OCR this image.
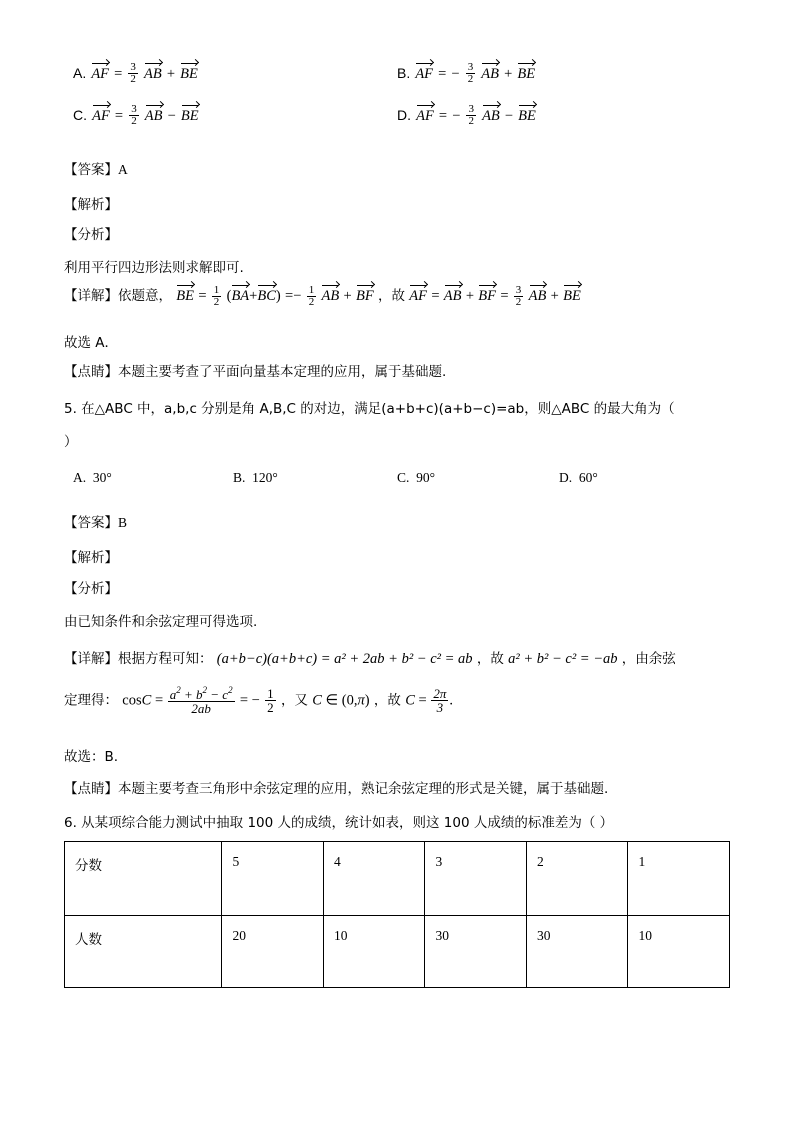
A. AF = $\frac{3}{2}$ AB + BE	B. AF = − $\frac{3}{2}$ AB + BE
C. AF = $\frac{3}{2}$ AB − BE	D. AF = − $\frac{3}{2}$ AB − BE
【答案】A
【解析】
【分析】
利用平行四边形法则求解即可.
【详解】依题意， BE = $\frac{1}{2} (BA+BC) =- \frac{1}{2}$ AB + BF ，故 AF = AB + BF = $\frac{3}{2}$ AB + BE
故选 A．
【点睛】本题主要考查了平面向量基本定理的应用，属于基础题.
5. 在△ABC 中，a,b,c 分别是角 A,B,C 的对边，满足(a+b+c)(a+b−c)=ab，则△ABC 的最大角为（
）
A. 30°	B. 120°	C. 90°	D. 60°
【答案】B
【解析】
【分析】
由已知条件和余弦定理可得选项.
【详解】根据方程可知： (a+b−c)(a+b+c) = a² + 2ab + b² − c² = ab ，故 a² + b² − c² = −ab ，由余弦
定理得： $\cos C = \frac{a^2 + b^2 - c^2}{2ab}$ = − $\frac{1}{2}$ ，又 C ∈ (0,π) ，故 $C = \frac{2\pi}{3}$ .
故选：B.
【点睛】本题主要考查三角形中余弦定理的应用，熟记余弦定理的形式是关键，属于基础题.
6. 从某项综合能力测试中抽取 100 人的成绩，统计如表，则这 100 人成绩的标准差为（ ）
分数	5	4	3	2	1
人数	20	10	30	30	10
